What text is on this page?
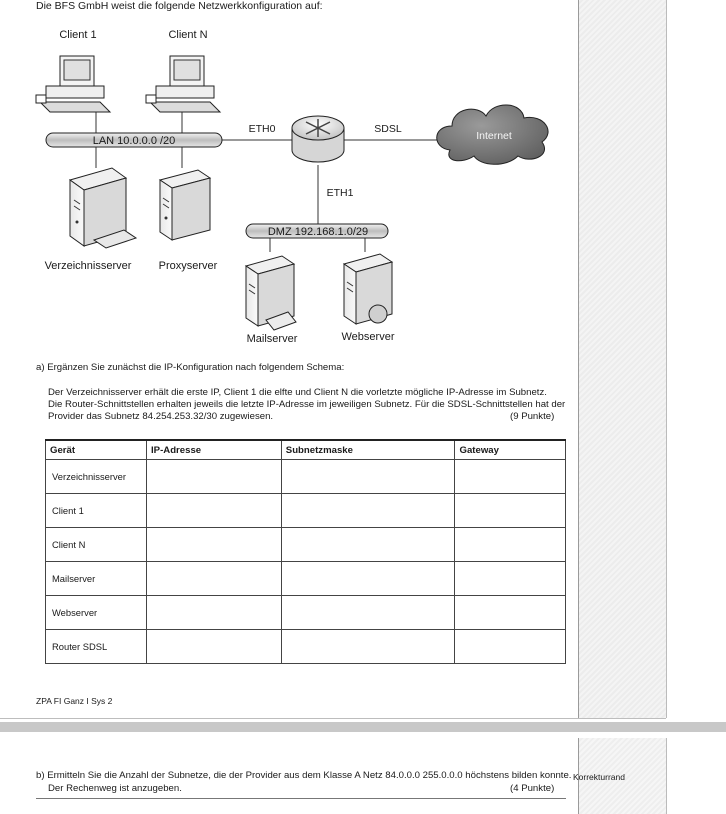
Die BFS GmbH weist die folgende Netzwerkkonfiguration auf:
Client 1	Client N
LAN 10.0.0.0 /20
ETH0	SDSL
Internet
ETH1
DMZ 192.168.1.0/29
Verzeichnisserver Proxyserver
Mailserver	Webserver
a) Ergänzen Sie zunächst die IP-Konfiguration nach folgendem Schema:
Der Verzeichnisserver erhält die erste IP, Client 1 die elfte und Client N die vorletzte mögliche IP-Adresse im Subnetz.
Die Router-Schnittstellen erhalten jeweils die letzte IP-Adresse im jeweiligen Subnetz. Für die SDSL-Schnittstellen hat der
Provider das Subnetz 84.254.253.32/30 zugewiesen.	(9 Punkte)
Gerät	IP-Adresse	Subnetzmaske	Gateway
Verzeichnisserver			
Client 1			
Client N			
Mailserver			
Webserver			
Router SDSL			
ZPA FI Ganz I Sys 2
b) Ermitteln Sie die Anzahl der Subnetze, die der Provider aus dem Klasse A Netz 84.0.0.0 255.0.0.0 höchstens bilden konnte.
Der Rechenweg ist anzugeben.	(4 Punkte)
Korrekturrand
